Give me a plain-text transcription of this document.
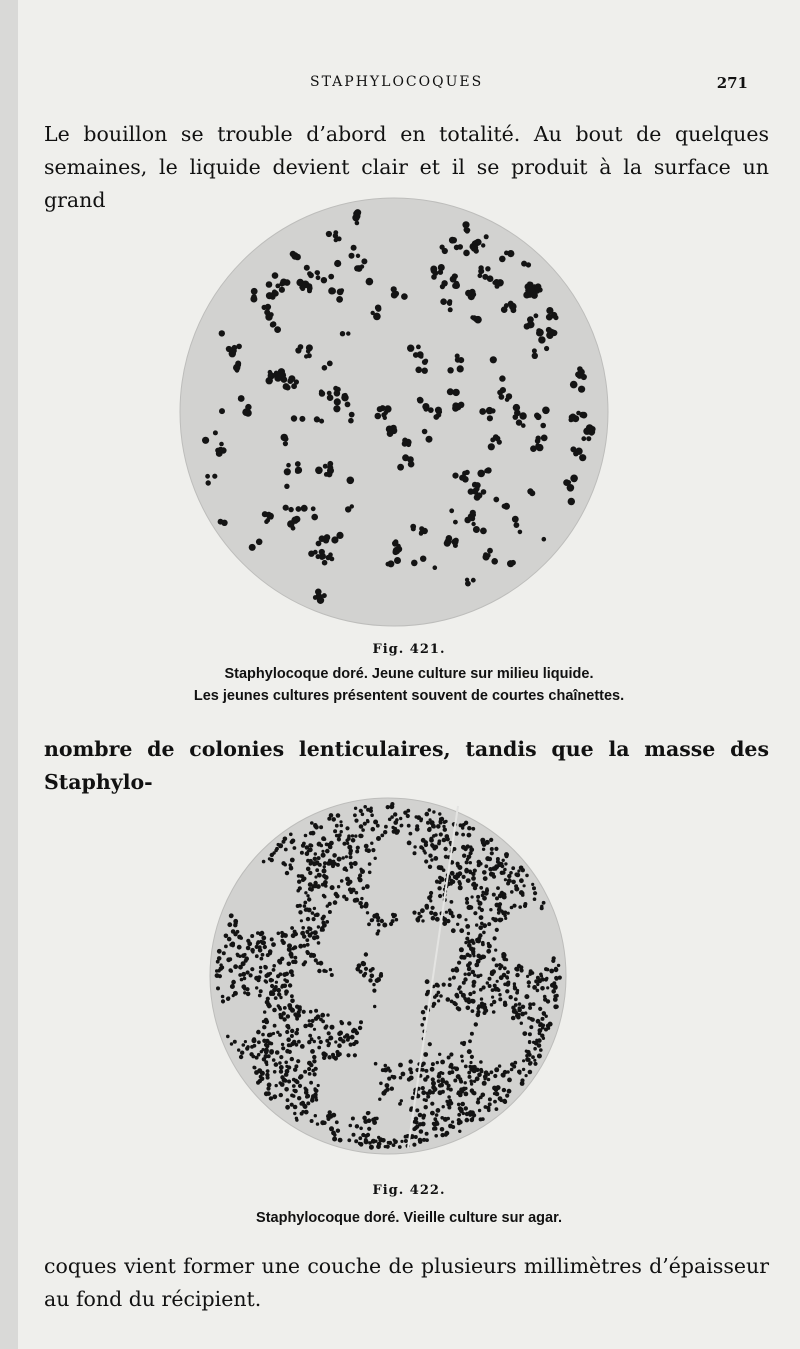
STAPHYLOCOQUES	271

Le bouillon se trouble d’abord en totalité. Au bout de quelques semaines, le liquide devient clair et il se produit à la surface un grand

Fig. 421.
Staphylocoque doré. Jeune culture sur milieu liquide.
Les jeunes cultures présentent souvent de courtes chaînettes.

nombre de colonies lenticulaires, tandis que la masse des Staphylo-

Fig. 422.
Staphylocoque doré. Vieille culture sur agar.

coques vient former une couche de plusieurs millimètres d’épaisseur au fond du récipient.
